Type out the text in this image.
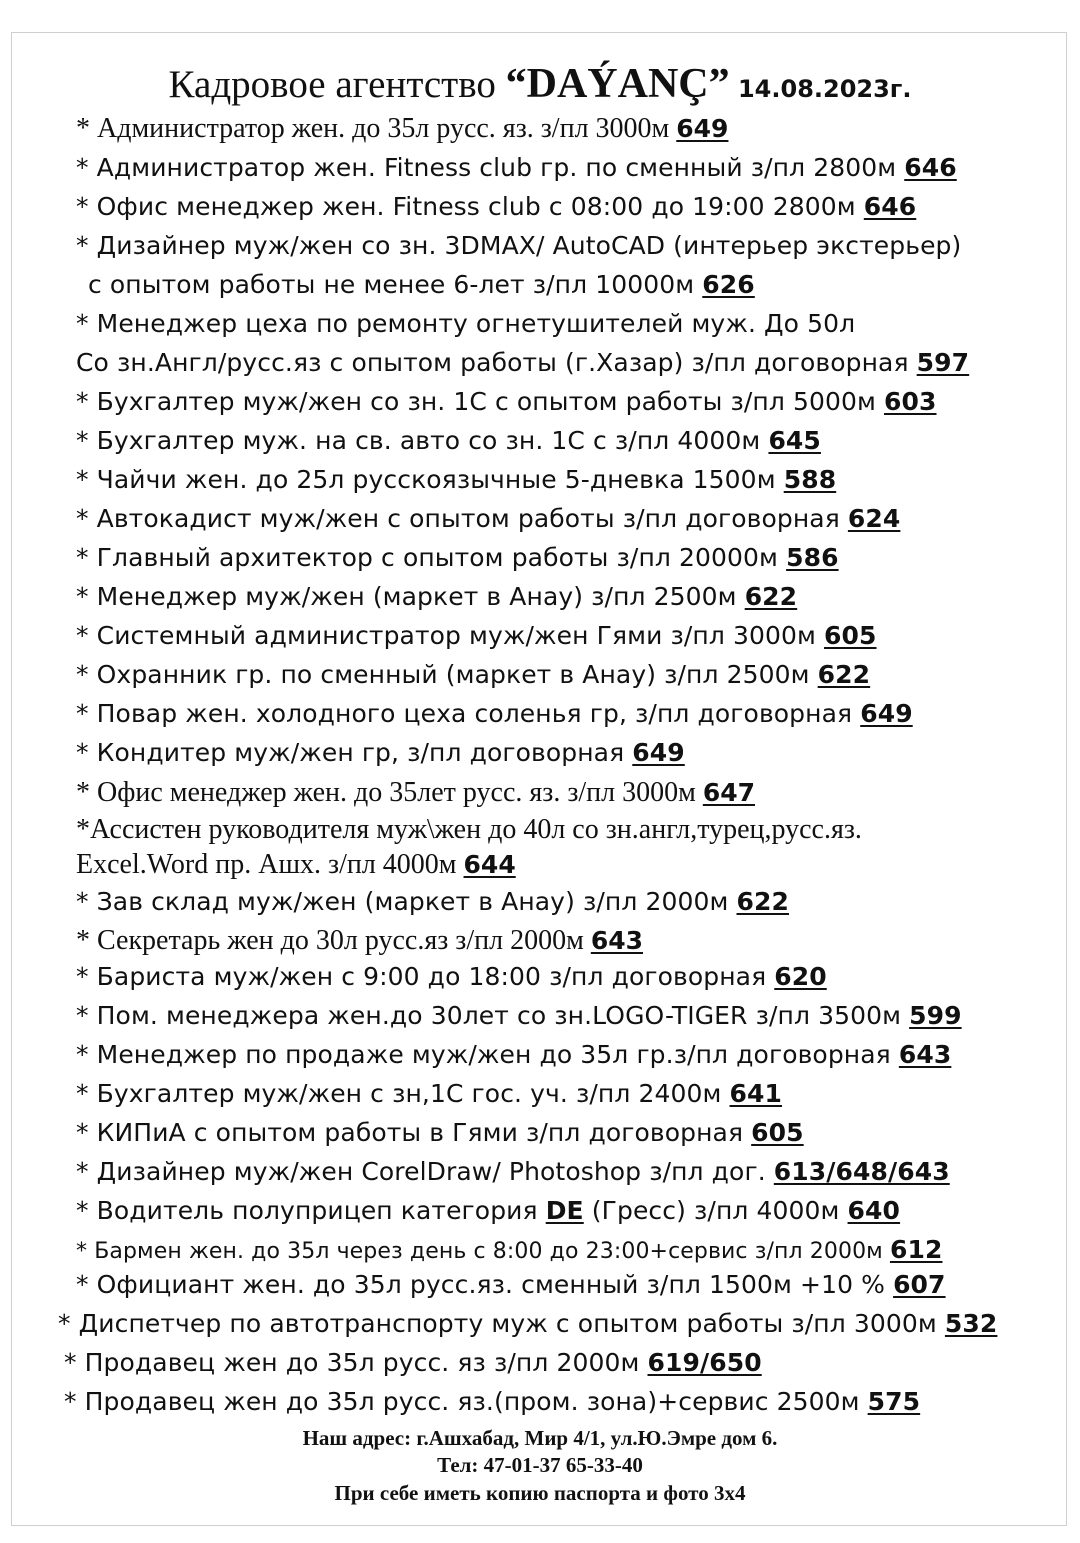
Кадровое агентство “DAÝANÇ” 14.08.2023г.
* Администратор жен. до 35л русс. яз. з/пл 3000м 649
* Администратор жен. Fitness club гр. по сменный з/пл 2800м 646
* Офис менеджер жен. Fitness club с 08:00 до 19:00 2800м 646
* Дизайнер муж/жен со зн. 3DMAX/ AutoCAD (интерьер экстерьер)
с опытом работы не менее 6-лет з/пл 10000м 626
* Менеджер цеха по ремонту огнетушителей муж. До 50л
Со зн.Англ/русс.яз с опытом работы (г.Хазар) з/пл договорная 597
* Бухгалтер муж/жен со зн. 1С с опытом работы з/пл 5000м 603
* Бухгалтер муж. на св. авто со зн. 1С с з/пл 4000м 645
* Чайчи жен. до 25л русскоязычные 5-дневка 1500м 588
* Автокадист муж/жен с опытом работы з/пл договорная 624
* Главный архитектор с опытом работы з/пл 20000м 586
* Менеджер муж/жен (маркет в Анау) з/пл 2500м 622
* Системный администратор муж/жен Гями з/пл 3000м 605
* Охранник гр. по сменный (маркет в Анау) з/пл 2500м 622
* Повар жен. холодного цеха соленья гр, з/пл договорная 649
* Кондитер муж/жен гр, з/пл договорная 649
* Офис менеджер жен. до 35лет русс. яз. з/пл 3000м 647
*Ассистен руководителя муж\жен до 40л со зн.англ,турец,русс.яз.
Excel.Word пр. Ашх. з/пл 4000м 644
* Зав склад муж/жен (маркет в Анау) з/пл 2000м 622
* Секретарь жен до 30л русс.яз з/пл 2000м 643
* Бариста муж/жен с 9:00 до 18:00 з/пл договорная 620
* Пом. менеджера жен.до 30лет со зн.LOGO-TIGER з/пл 3500м 599
* Менеджер по продаже муж/жен до 35л гр.з/пл договорная 643
* Бухгалтер муж/жен с зн,1С гос. уч. з/пл 2400м 641
* КИПиА с опытом работы в Гями з/пл договорная 605
* Дизайнер муж/жен CorelDraw/ Photoshop з/пл дог. 613/648/643
* Водитель полуприцеп категория DE (Гресс) з/пл 4000м 640
* Бармен жен. до 35л через день с 8:00 до 23:00+сервис з/пл 2000м 612
* Официант жен. до 35л русс.яз. сменный з/пл 1500м +10 % 607
* Диспетчер по автотранспорту муж с опытом работы з/пл 3000м 532
* Продавец жен до 35л русс. яз з/пл 2000м 619/650
* Продавец жен до 35л русс. яз.(пром. зона)+сервис 2500м 575
Наш адрес: г.Ашхабад, Мир 4/1, ул.Ю.Эмре дом 6.
Тел: 47-01-37 65-33-40
При себе иметь копию паспорта и фото 3х4
